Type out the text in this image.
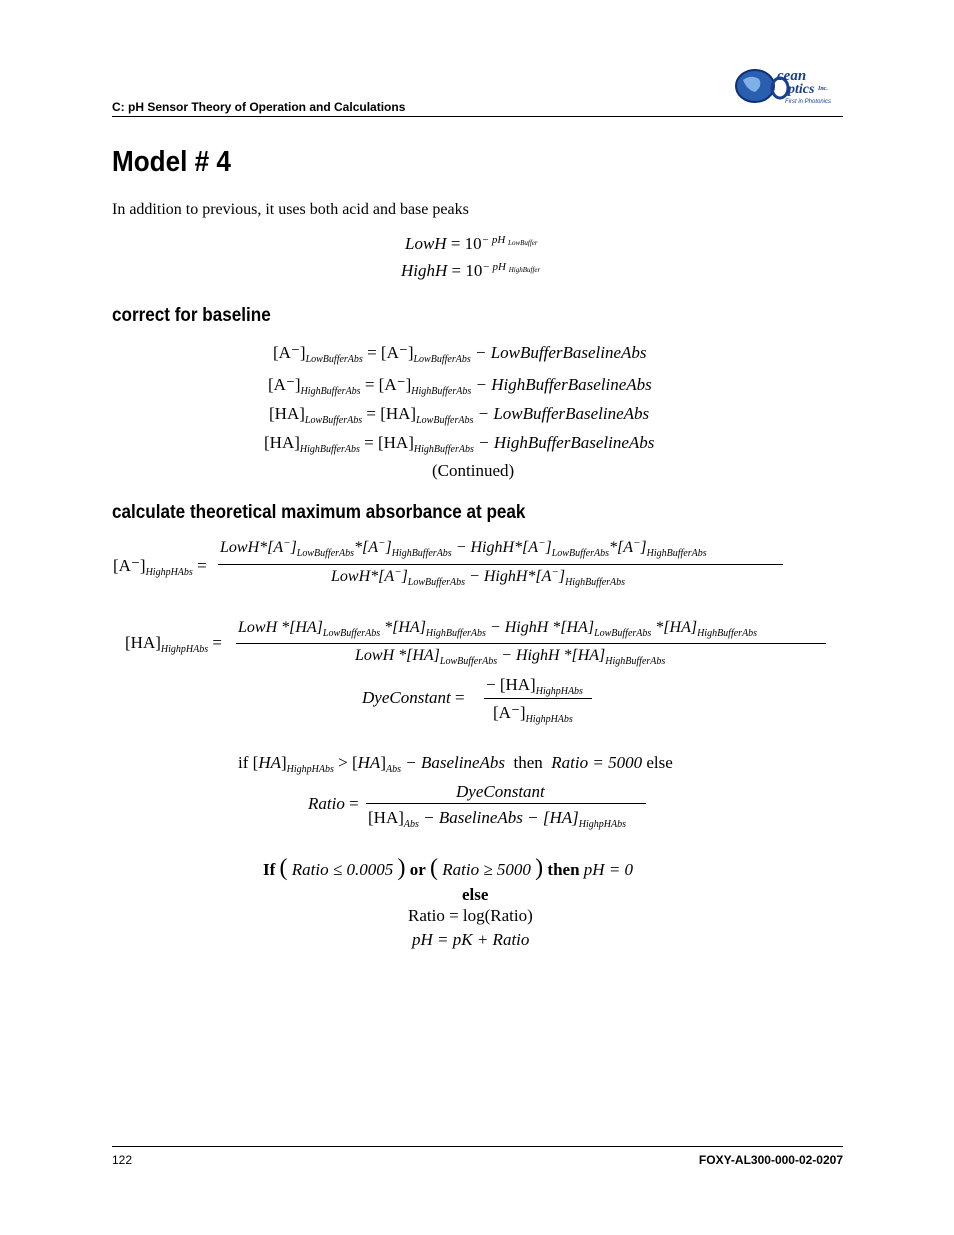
C: pH Sensor Theory of Operation and Calculations
cean
ptics Inc.
First in Photonics
Model # 4
In addition to previous, it uses both acid and base peaks
LowH = $10^{- pH _{LowBuffer}}$
HighH = $10^{- pH _{HighBuffer}}$
correct for baseline
$[A^-]_{LowBufferAbs} = [A^-]_{LowBufferAbs}$ − LowBufferBaselineAbs
$[A^-]_{HighBufferAbs} = [A^-]_{HighBufferAbs}$ − HighBufferBaselineAbs
$[HA]_{LowBufferAbs} = [HA]_{LowBufferAbs}$ − LowBufferBaselineAbs
$[HA]_{HighBufferAbs} = [HA]_{HighBufferAbs}$ − HighBufferBaselineAbs
(Continued)
calculate theoretical maximum absorbance at peak
$[A^-]_{HighpHAbs}$ =
$LowH*[A^-]_{LowBufferAbs}*[A^-]_{HighBufferAbs}$ − $HighH*[A^-]_{LowBufferAbs}*[A^-]_{HighBufferAbs}$
$LowH*[A^-]_{LowBufferAbs}$ − $HighH*[A^-]_{HighBufferAbs}$
$[HA]_{HighpHAbs}$ =
LowH $*[HA]_{LowBufferAbs}$ $*[HA]_{HighBufferAbs}$ − HighH $*[HA]_{LowBufferAbs}$ $*[HA]_{HighBufferAbs}$
LowH $*[HA]_{LowBufferAbs}$ − HighH $*[HA]_{HighBufferAbs}$
DyeConstant =
− $[HA]_{HighpHAbs}$
$[A^-]_{HighpHAbs}$
if $[HA]_{HighpHAbs} > [HA]_{Abs}$ − BaselineAbs then Ratio = 5000 else
Ratio =
DyeConstant
$[HA]_{Abs}$ − BaselineAbs − $[HA]_{HighpHAbs}$
If ( Ratio ≤ 0.0005 ) or ( Ratio ≥ 5000 ) then pH = 0
else
Ratio = log(Ratio)
pH = pK + Ratio
122	FOXY-AL300-000-02-0207
